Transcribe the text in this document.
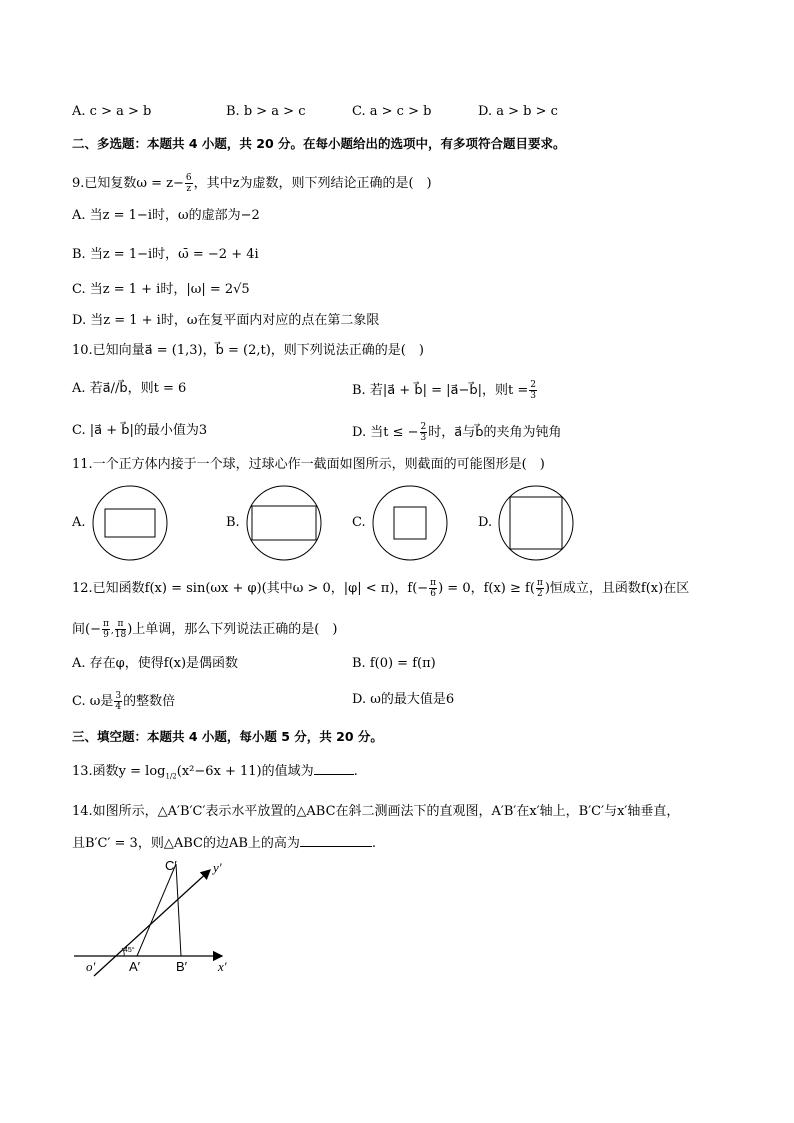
A. c > a > b	B. b > a > c	C. a > c > b	D. a > b > c
二、多选题：本题共 4 小题，共 20 分。在每小题给出的选项中，有多项符合题目要求。
9.已知复数$\omega = z- \frac{6}{z}$ ，其中z为虚数，则下列结论正确的是(　)
A. 当z = 1−i时，ω的虚部为−2
B. 当z = 1−i时，ω̄ = −2 + 4i
C. 当z = 1 + i时，|ω| = 2√5
D. 当z = 1 + i时，ω在复平面内对应的点在第二象限
10.已知向量a⃗ = (1,3)，b⃗ = (2,t)，则下列说法正确的是(　)
A. 若a⃗//b⃗，则t = 6	B. 若|a⃗ + b⃗| = |a⃗−b⃗|，则$t = \frac{2}{3}$
C. |a⃗ + b⃗|的最小值为3	D. 当t ≤ − $\frac{2}{3}$ 时，a⃗与b⃗的夹角为钝角
11.一个正方体内接于一个球，过球心作一截面如图所示，则截面的可能图形是(　)
A.	B.	C.	D.
12.已知函数f(x) = sin(ωx + φ)(其中ω > 0，|φ| < π)，$f(- \frac{\pi}{6}$ ) = 0，$f(x) \ge f( \frac{\pi}{2}$ )恒成立，且函数f(x)在区
间(− $\frac{\pi}{9}$ , $\frac{\pi}{18}$ )上单调，那么下列说法正确的是(　)
A. 存在φ，使得f(x)是偶函数	B. f(0) = f(π)
C. ω是 $\frac{3}{4}$ 的整数倍	D. ω的最大值是6
三、填空题：本题共 4 小题，每小题 5 分，共 20 分。
13.函数$y = \log_{1/2}(x^2-6x + 11)$的值域为	.
14.如图所示，△A′B′C′表示水平放置的△ABC在斜二测画法下的直观图，A′B′在x′轴上，B′C′与x′轴垂直，
且B′C′ = 3，则△ABC的边AB上的高为	.
C′	y′
45°
o′	A′	B′ x′
